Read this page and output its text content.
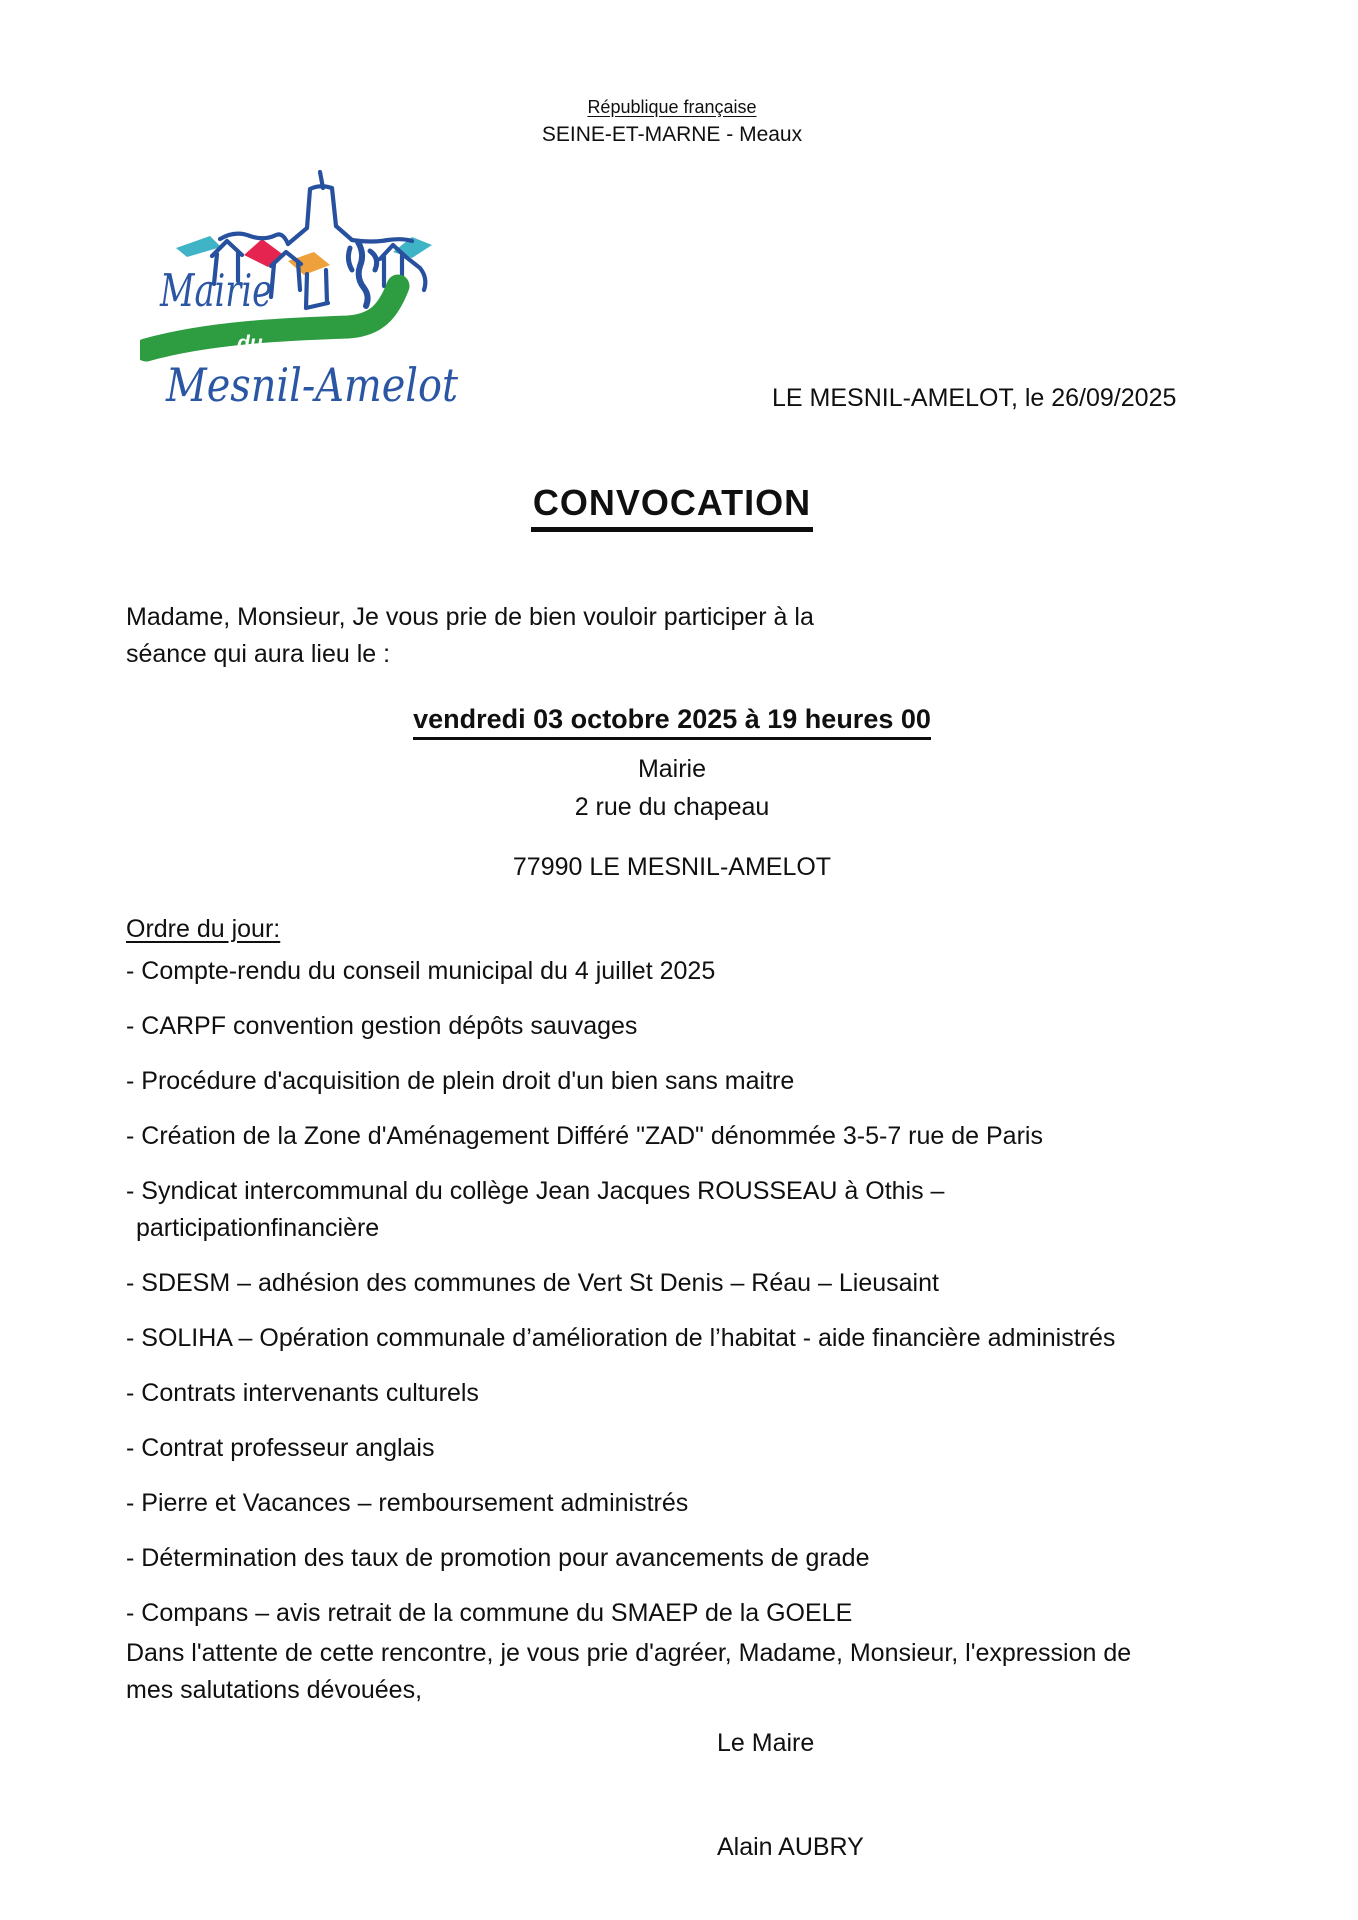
République française
SEINE-ET-MARNE - Meaux
Mairie
du
Mesnil-Amelot	LE MESNIL-AMELOT, le 26/09/2025
CONVOCATION
Madame, Monsieur, Je vous prie de bien vouloir participer à la
séance qui aura lieu le :
vendredi 03 octobre 2025 à 19 heures 00
Mairie
2 rue du chapeau
77990 LE MESNIL-AMELOT
Ordre du jour:
- Compte-rendu du conseil municipal du 4 juillet 2025
- CARPF convention gestion dépôts sauvages
- Procédure d'acquisition de plein droit d'un bien sans maitre
- Création de la Zone d'Aménagement Différé "ZAD" dénommée 3-5-7 rue de Paris
- Syndicat intercommunal du collège Jean Jacques ROUSSEAU à Othis –
participationfinancière
- SDESM – adhésion des communes de Vert St Denis – Réau – Lieusaint
- SOLIHA – Opération communale d’amélioration de l’habitat - aide financière administrés
- Contrats intervenants culturels
- Contrat professeur anglais
- Pierre et Vacances – remboursement administrés
- Détermination des taux de promotion pour avancements de grade
- Compans – avis retrait de la commune du SMAEP de la GOELE
Dans l'attente de cette rencontre, je vous prie d'agréer, Madame, Monsieur, l'expression de
mes salutations dévouées,
Le Maire
Alain AUBRY
